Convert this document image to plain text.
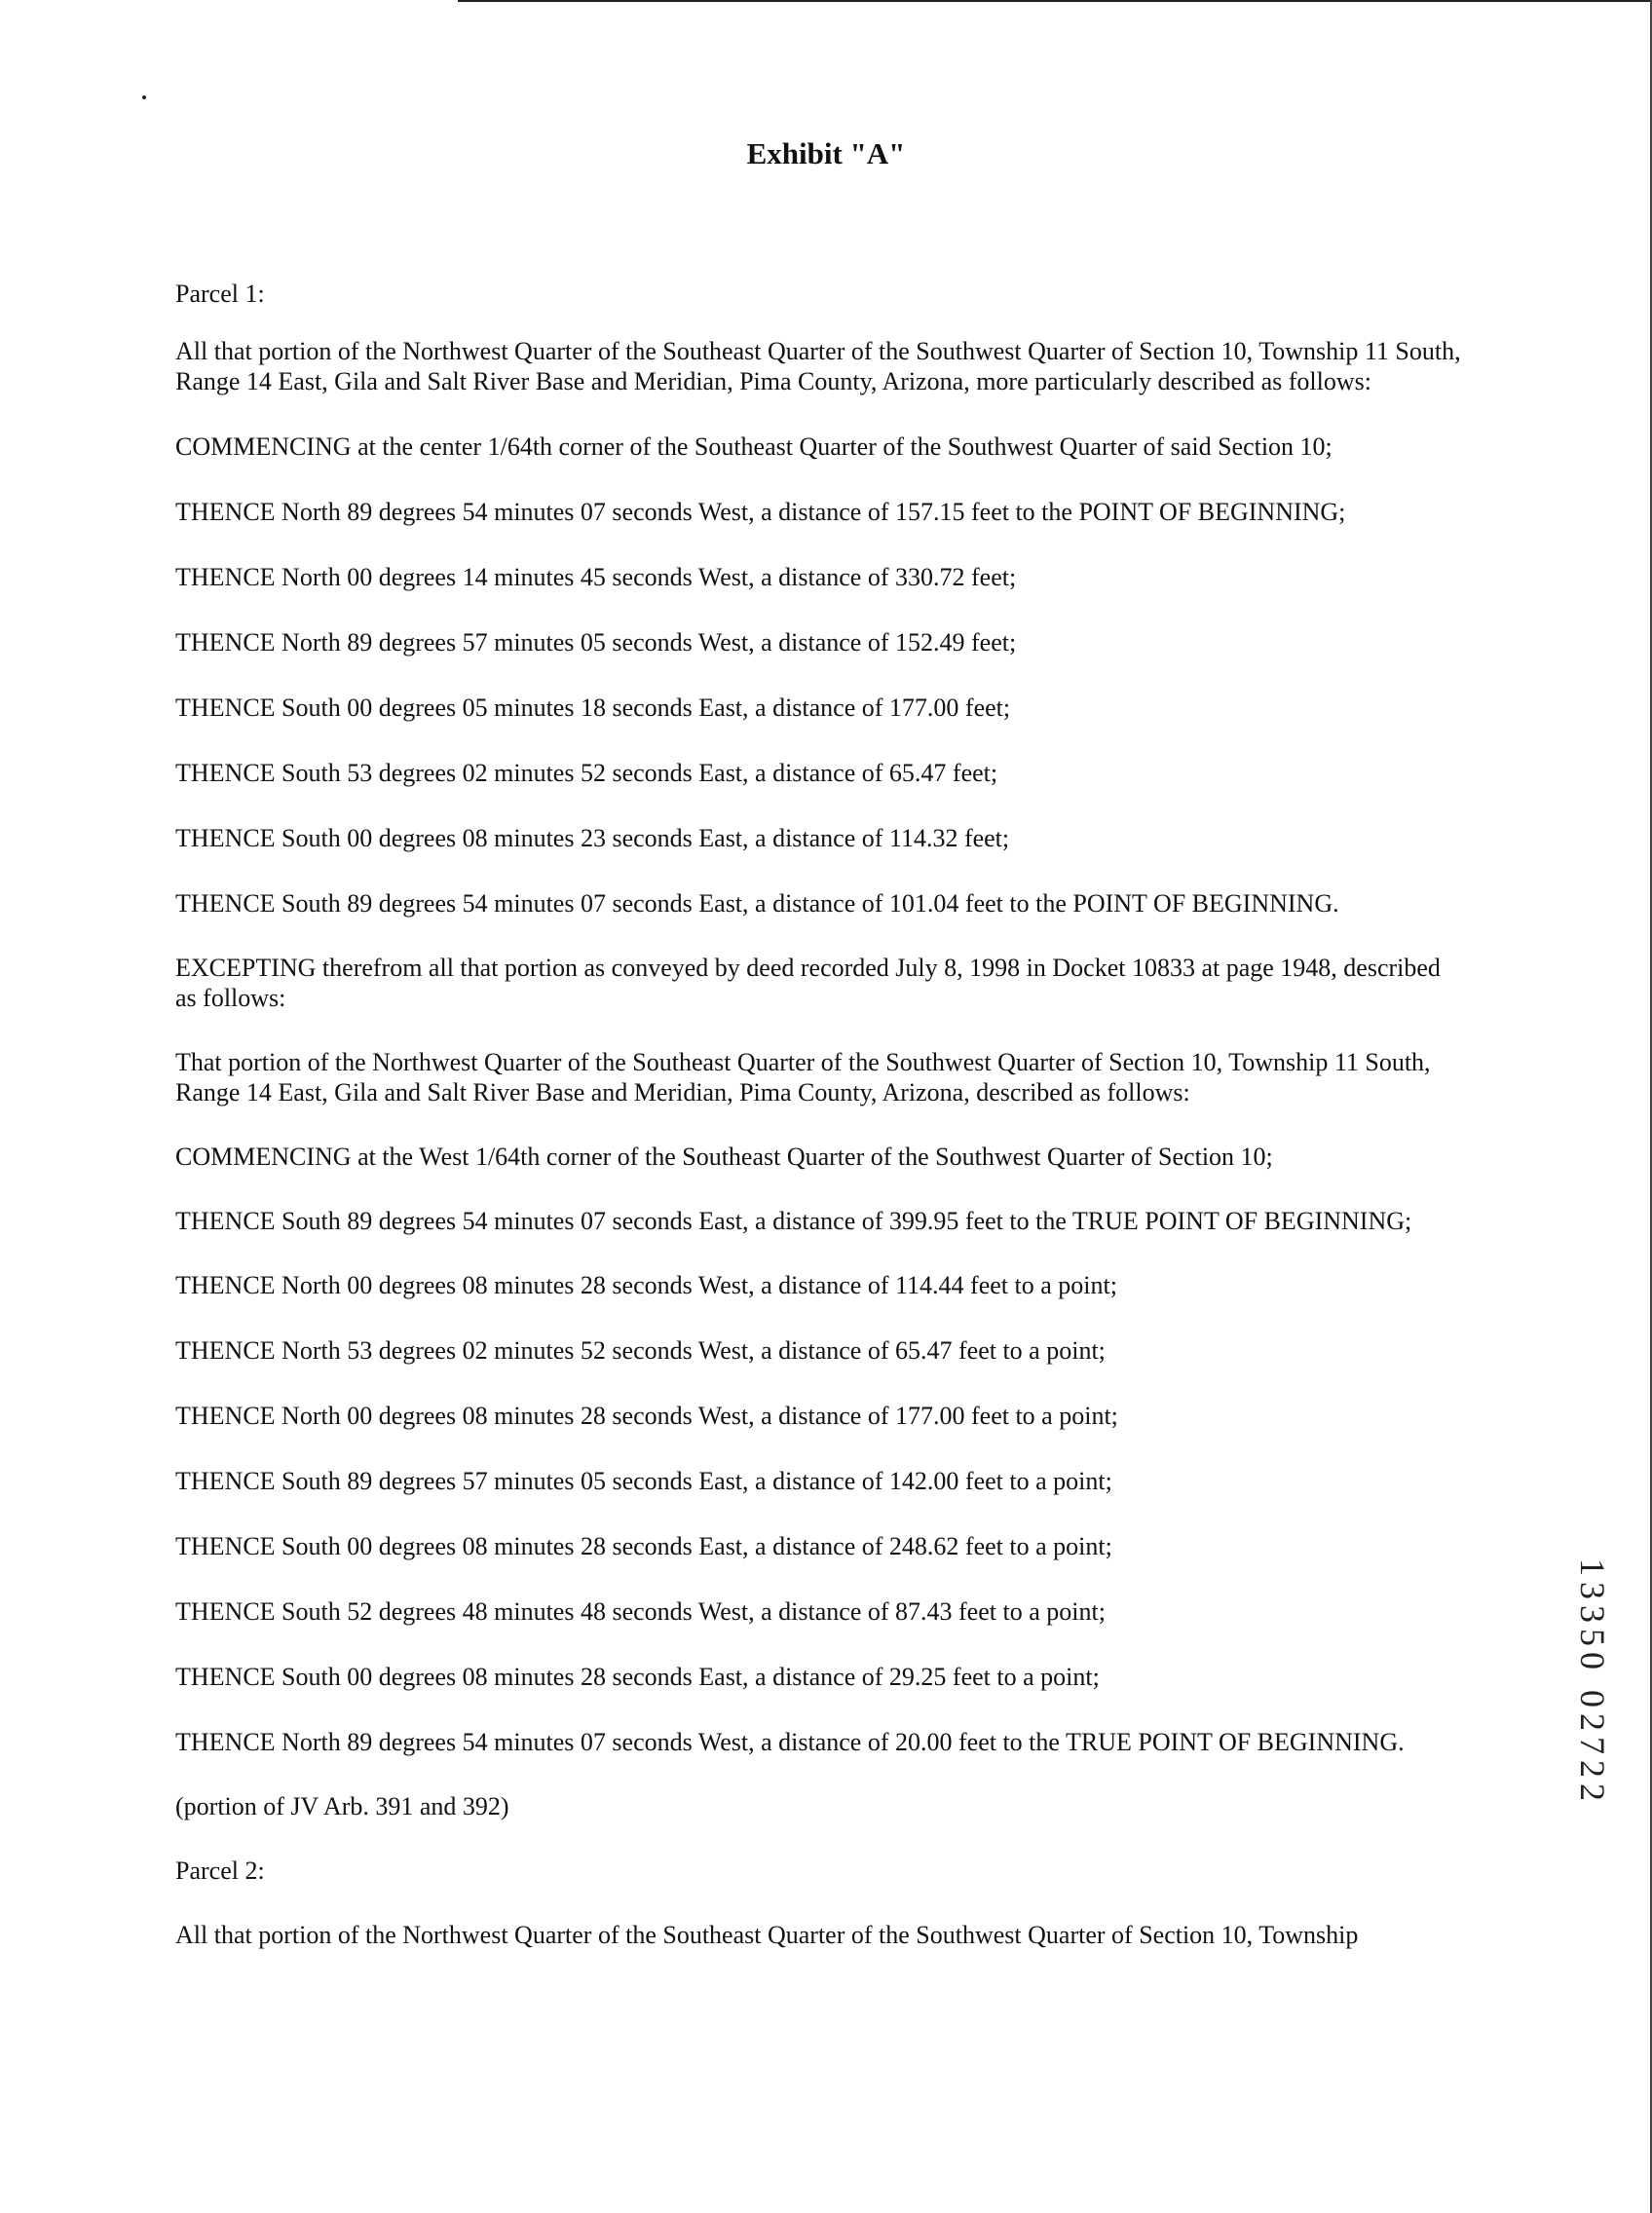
Exhibit "A"

Parcel 1:

All that portion of the Northwest Quarter of the Southeast Quarter of the Southwest Quarter of Section 10, Township 11 South, Range 14 East, Gila and Salt River Base and Meridian, Pima County, Arizona, more particularly described as follows:

COMMENCING at the center 1/64th corner of the Southeast Quarter of the Southwest Quarter of said Section 10;

THENCE North 89 degrees 54 minutes 07 seconds West, a distance of 157.15 feet to the POINT OF BEGINNING;

THENCE North 00 degrees 14 minutes 45 seconds West, a distance of 330.72 feet;

THENCE North 89 degrees 57 minutes 05 seconds West, a distance of 152.49 feet;

THENCE South 00 degrees 05 minutes 18 seconds East, a distance of 177.00 feet;

THENCE South 53 degrees 02 minutes 52 seconds East, a distance of 65.47 feet;

THENCE South 00 degrees 08 minutes 23 seconds East, a distance of 114.32 feet;

THENCE South 89 degrees 54 minutes 07 seconds East, a distance of 101.04 feet to the POINT OF BEGINNING.

EXCEPTING therefrom all that portion as conveyed by deed recorded July 8, 1998 in Docket 10833 at page 1948, described as follows:

That portion of the Northwest Quarter of the Southeast Quarter of the Southwest Quarter of Section 10, Township 11 South, Range 14 East, Gila and Salt River Base and Meridian, Pima County, Arizona, described as follows:

COMMENCING at the West 1/64th corner of the Southeast Quarter of the Southwest Quarter of Section 10;

THENCE South 89 degrees 54 minutes 07 seconds East, a distance of 399.95 feet to the TRUE POINT OF BEGINNING;

THENCE North 00 degrees 08 minutes 28 seconds West, a distance of 114.44 feet to a point;

THENCE North 53 degrees 02 minutes 52 seconds West, a distance of 65.47 feet to a point;

THENCE North 00 degrees 08 minutes 28 seconds West, a distance of 177.00 feet to a point;

THENCE South 89 degrees 57 minutes 05 seconds East, a distance of 142.00 feet to a point;

THENCE South 00 degrees 08 minutes 28 seconds East, a distance of 248.62 feet to a point;

THENCE South 52 degrees 48 minutes 48 seconds West, a distance of 87.43 feet to a point;

THENCE South 00 degrees 08 minutes 28 seconds East, a distance of 29.25 feet to a point;

THENCE North 89 degrees 54 minutes 07 seconds West, a distance of 20.00 feet to the TRUE POINT OF BEGINNING.

(portion of JV Arb. 391 and 392)

Parcel 2:

All that portion of the Northwest Quarter of the Southeast Quarter of the Southwest Quarter of Section 10, Township

13350 02722
